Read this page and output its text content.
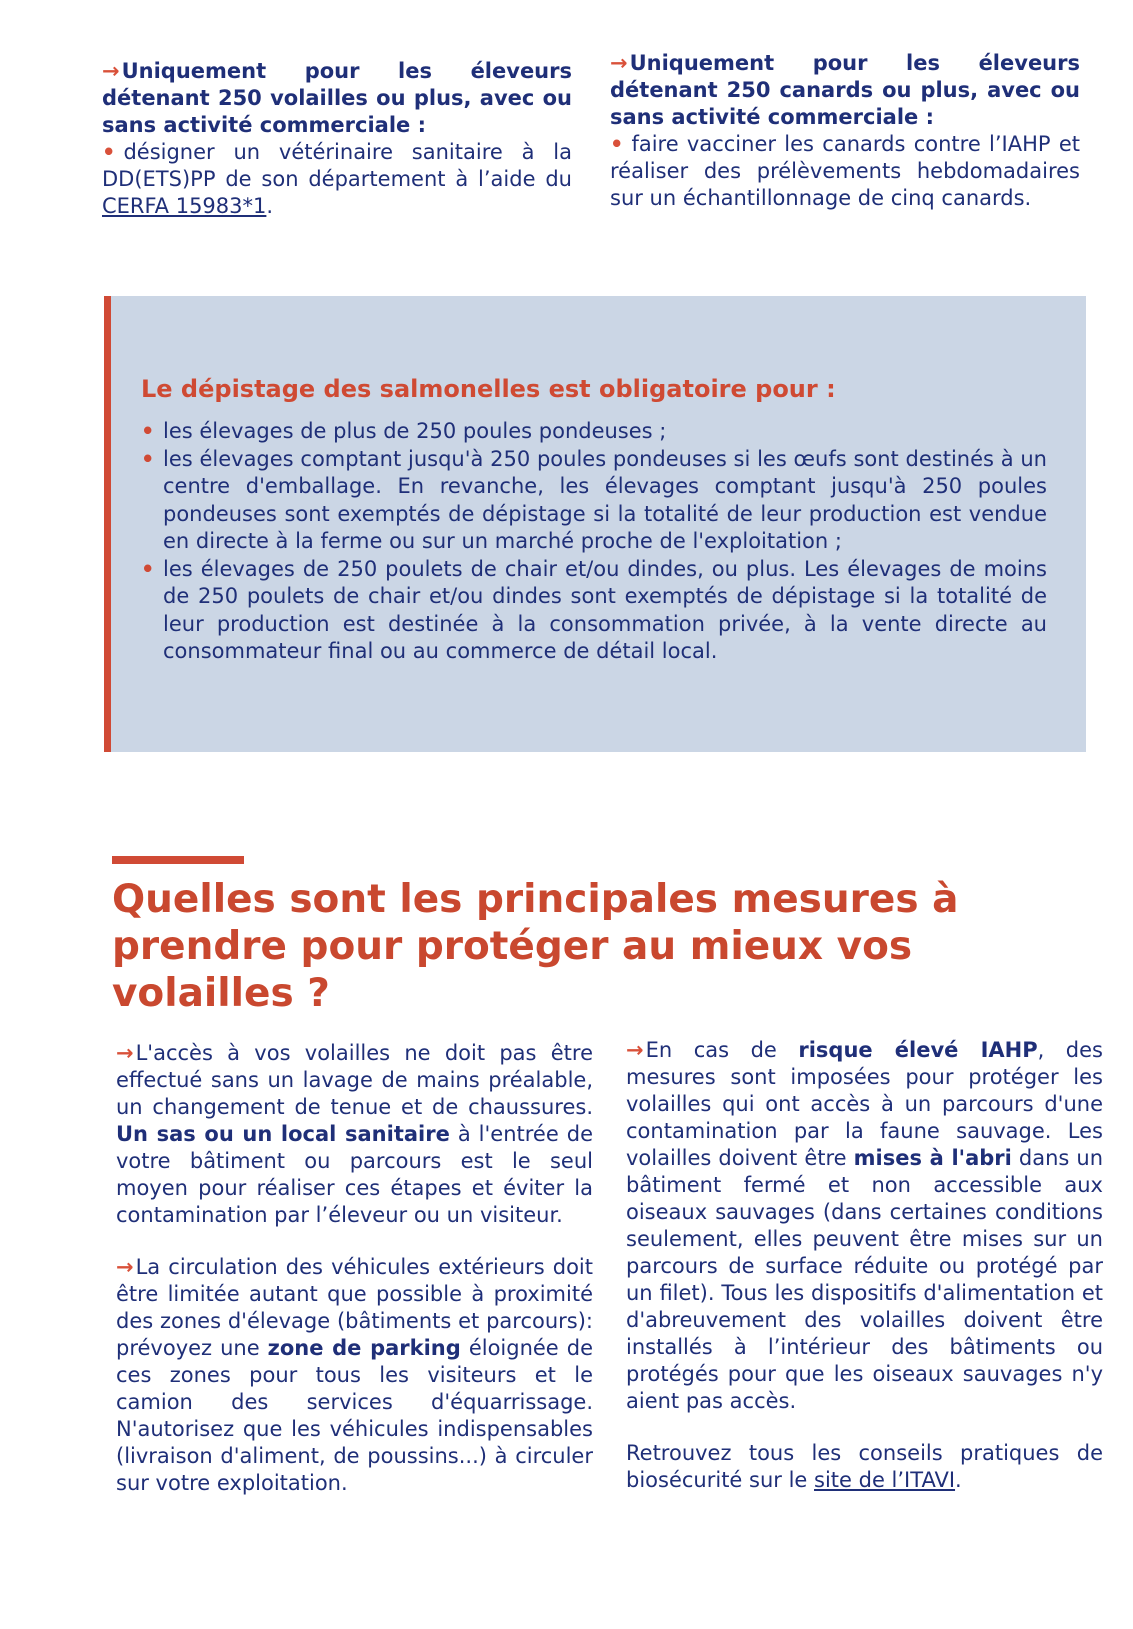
→Uniquement pour les éleveurs détenant 250 volailles ou plus, avec ou sans activité commerciale :
• désigner un vétérinaire sanitaire à la DD(ETS)PP de son département à l’aide du CERFA 15983*1.
→Uniquement pour les éleveurs détenant 250 canards ou plus, avec ou sans activité commerciale :
• faire vacciner les canards contre l’IAHP et réaliser des prélèvements hebdomadaires sur un échantillonnage de cinq canards.
Le dépistage des salmonelles est obligatoire pour :
• les élevages de plus de 250 poules pondeuses ;
• les élevages comptant jusqu'à 250 poules pondeuses si les œufs sont destinés à un centre d'emballage. En revanche, les élevages comptant jusqu'à 250 poules pondeuses sont exemptés de dépistage si la totalité de leur production est vendue en directe à la ferme ou sur un marché proche de l'exploitation ;
• les élevages de 250 poulets de chair et/ou dindes, ou plus. Les élevages de moins de 250 poulets de chair et/ou dindes sont exemptés de dépistage si la totalité de leur production est destinée à la consommation privée, à la vente directe au consommateur final ou au commerce de détail local.
Quelles sont les principales mesures à prendre pour protéger au mieux vos volailles ?

→L'accès à vos volailles ne doit pas être effectué sans un lavage de mains préalable, un changement de tenue et de chaussures. Un sas ou un local sanitaire à l'entrée de votre bâtiment ou parcours est le seul moyen pour réaliser ces étapes et éviter la contamination par l’éleveur ou un visiteur.

→La circulation des véhicules extérieurs doit être limitée autant que possible à proximité des zones d'élevage (bâtiments et parcours): prévoyez une zone de parking éloignée de ces zones pour tous les visiteurs et le camion des services d'équarrissage. N'autorisez que les véhicules indispensables (livraison d'aliment, de poussins...) à circuler sur votre exploitation.

→En cas de risque élevé IAHP, des mesures sont imposées pour protéger les volailles qui ont accès à un parcours d'une contamination par la faune sauvage. Les volailles doivent être mises à l'abri dans un bâtiment fermé et non accessible aux oiseaux sauvages (dans certaines conditions seulement, elles peuvent être mises sur un parcours de surface réduite ou protégé par un filet). Tous les dispositifs d'alimentation et d'abreuvement des volailles doivent être installés à l’intérieur des bâtiments ou protégés pour que les oiseaux sauvages n'y aient pas accès.

Retrouvez tous les conseils pratiques de biosécurité sur le site de l’ITAVI.
